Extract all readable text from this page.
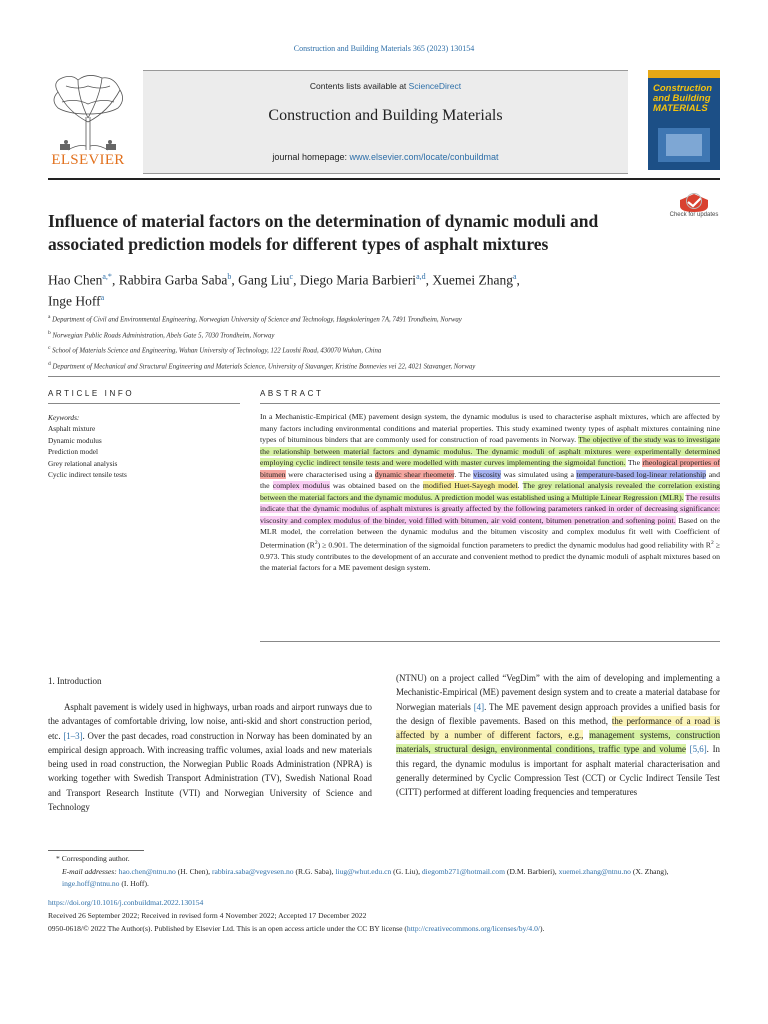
Construction and Building Materials 365 (2023) 130154
ELSEVIER
Contents lists available at ScienceDirect
Construction and Building Materials
journal homepage: www.elsevier.com/locate/conbuildmat
Construction and Building MATERIALS
Influence of material factors on the determination of dynamic moduli and associated prediction models for different types of asphalt mixtures
Check for updates
Hao Chen$^{a,*}$, Rabbira Garba Saba$^b$, Gang Liu$^c$, Diego Maria Barbieri$^{a,d}$, Xuemei Zhang$^a$,
Inge Hoff$^a$
$^a$ Department of Civil and Environmental Engineering, Norwegian University of Science and Technology, Høgskoleringen 7A, 7491 Trondheim, Norway
$^b$ Norwegian Public Roads Administration, Abels Gate 5, 7030 Trondheim, Norway
$^c$ School of Materials Science and Engineering, Wuhan University of Technology, 122 Luoshi Road, 430070 Wuhan, China
$^d$ Department of Mechanical and Structural Engineering and Materials Science, University of Stavanger, Kristine Bonnevies vei 22, 4021 Stavanger, Norway
ARTICLE INFO	ABSTRACT
Keywords:
Asphalt mixture
Dynamic modulus
Prediction model
Grey relational analysis
Cyclic indirect tensile tests
In a Mechanistic-Empirical (ME) pavement design system, the dynamic modulus is used to characterise asphalt mixtures, which are affected by many factors including environmental conditions and material properties. This study examined twenty types of asphalt mixtures containing nine types of bituminous binders that are commonly used for construction of road pavements in Norway. The objective of the study was to investigate the relationship between material factors and dynamic modulus. The dynamic moduli of asphalt mixtures were experimentally determined employing cyclic indirect tensile tests and were modelled with master curves implementing the sigmoidal function. The rheological properties of bitumen were characterised using a dynamic shear rheometer. The viscosity was simulated using a temperature-based log-linear relationship and the complex modulus was obtained based on the modified Huet-Sayegh model. The grey relational analysis revealed the correlation existing between the material factors and the dynamic modulus. A prediction model was established using a Multiple Linear Regression (MLR). The results indicate that the dynamic modulus of asphalt mixtures is greatly affected by the following parameters ranked in order of decreasing significance: viscosity and complex modulus of the binder, void filled with bitumen, air void content, bitumen penetration and softening point. Based on the MLR model, the correlation between the dynamic modulus and the bitumen viscosity and complex modulus fit well with Coefficient of Determination $(R^2) \ge 0.901$. The determination of the sigmoidal function parameters to predict the dynamic modulus had good reliability with $R^2 \ge 0.973$. This study contributes to the development of an accurate and convenient method to predict the dynamic moduli of asphalt mixtures based on the material factors for a ME pavement design system.
1. Introduction
Asphalt pavement is widely used in highways, urban roads and airport runways due to the advantages of comfortable driving, low noise, anti-skid and short construction period, etc. [1–3]. Over the past decades, road construction in Norway has been dominated by an empirical design approach. With increasing traffic volumes, axial loads and new materials being used in road construction, the Norwegian Public Roads Administration (NPRA) is working together with Swedish Transport Administration (TV), Swedish National Road and Transport Research Institute (VTI) and Norwegian University of Science and Technology
(NTNU) on a project called “VegDim” with the aim of developing and implementing a Mechanistic-Empirical (ME) pavement design system and to create a material database for Norwegian materials [4]. The ME pavement design approach provides a unified basis for the design of flexible pavements. Based on this method, the performance of a road is affected by a number of different factors, e.g., management systems, construction materials, structural design, environmental conditions, traffic type and volume [5,6]. In this regard, the dynamic modulus is important for asphalt material characterisation and generally determined by Cyclic Compression Test (CCT) or Cyclic Indirect Tensile Test (CITT) performed at different loading frequencies and temperatures
* Corresponding author.
E-mail addresses: hao.chen@ntnu.no (H. Chen), rabbira.saba@vegvesen.no (R.G. Saba), liug@whut.edu.cn (G. Liu), diegomb271@hotmail.com (D.M. Barbieri), xuemei.zhang@ntnu.no (X. Zhang), inge.hoff@ntnu.no (I. Hoff).
https://doi.org/10.1016/j.conbuildmat.2022.130154
Received 26 September 2022; Received in revised form 4 November 2022; Accepted 17 December 2022
0950-0618/© 2022 The Author(s). Published by Elsevier Ltd. This is an open access article under the CC BY license (http://creativecommons.org/licenses/by/4.0/).
